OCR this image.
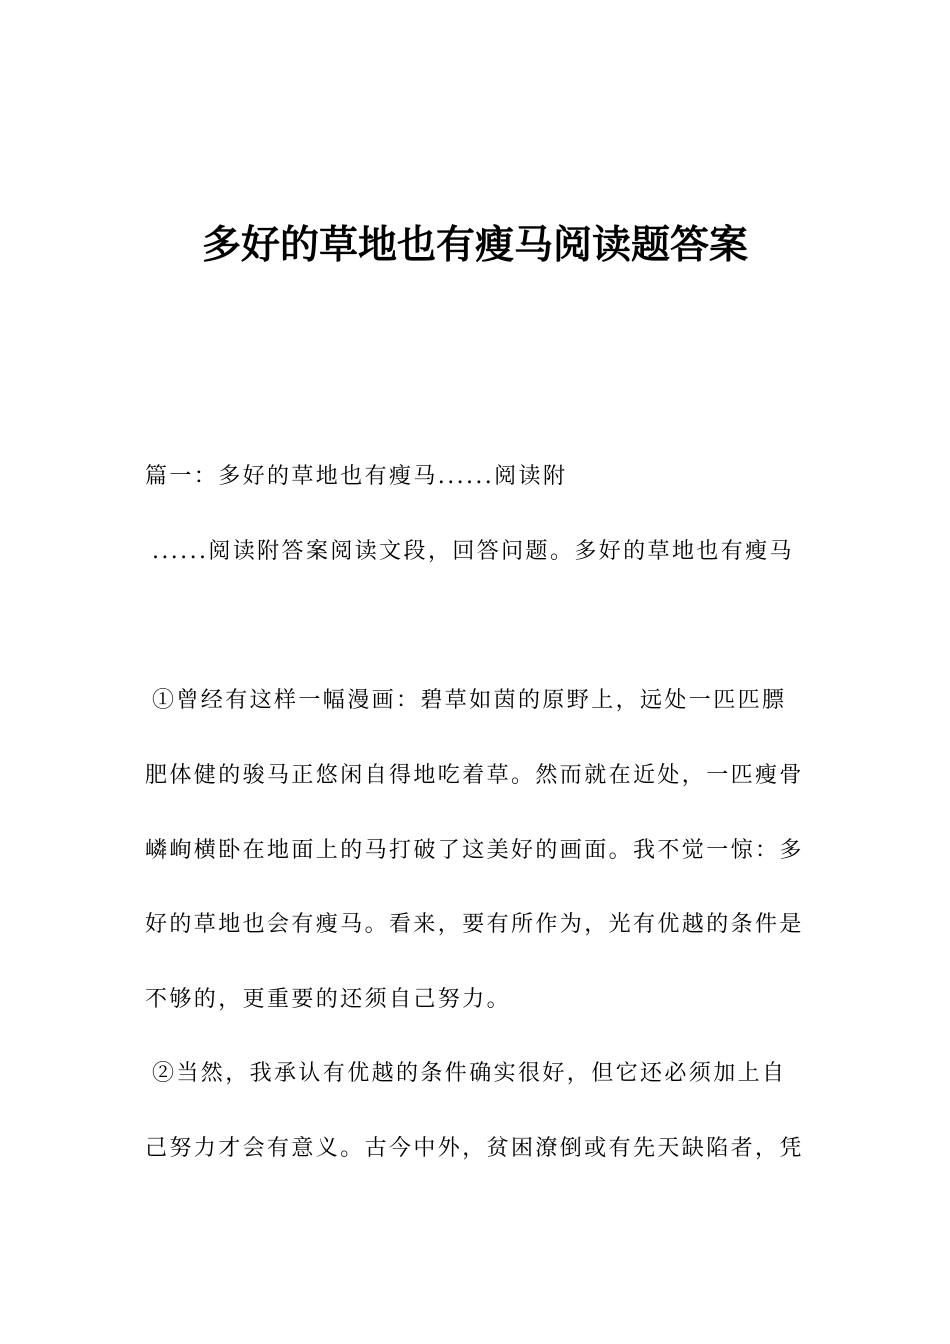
多好的草地也有瘦马阅读题答案

篇一：多好的草地也有瘦马......阅读附

......阅读附答案阅读文段，回答问题。多好的草地也有瘦马

①曾经有这样一幅漫画：碧草如茵的原野上，远处一匹匹膘

肥体健的骏马正悠闲自得地吃着草。然而就在近处，一匹瘦骨

嶙峋横卧在地面上的马打破了这美好的画面。我不觉一惊：多

好的草地也会有瘦马。看来，要有所作为，光有优越的条件是

不够的，更重要的还须自己努力。

②当然，我承认有优越的条件确实很好，但它还必须加上自

己努力才会有意义。古今中外，贫困潦倒或有先天缺陷者，凭
